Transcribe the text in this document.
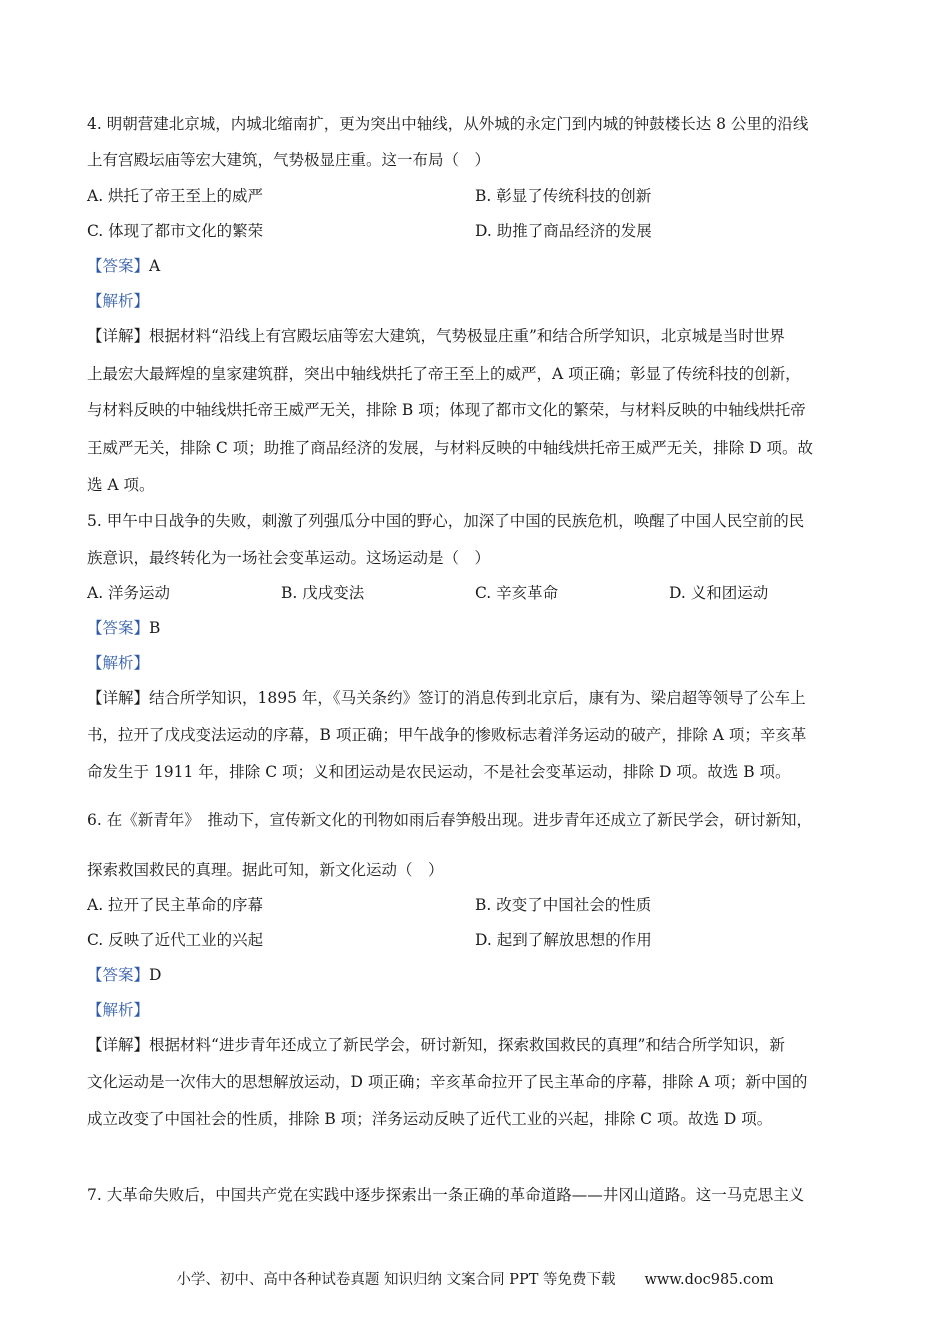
4. 明朝营建北京城，内城北缩南扩，更为突出中轴线，从外城的永定门到内城的钟鼓楼长达 8 公里的沿线
上有宫殿坛庙等宏大建筑，气势极显庄重。这一布局（　）
A. 烘托了帝王至上的威严	B. 彰显了传统科技的创新
C. 体现了都市文化的繁荣	D. 助推了商品经济的发展
【答案】A
【解析】
【详解】根据材料“沿线上有宫殿坛庙等宏大建筑，气势极显庄重”和结合所学知识，北京城是当时世界
上最宏大最辉煌的皇家建筑群，突出中轴线烘托了帝王至上的威严，A 项正确；彰显了传统科技的创新，
与材料反映的中轴线烘托帝王威严无关，排除 B 项；体现了都市文化的繁荣，与材料反映的中轴线烘托帝
王威严无关，排除 C 项；助推了商品经济的发展，与材料反映的中轴线烘托帝王威严无关，排除 D 项。故
选 A 项。
5. 甲午中日战争的失败，刺激了列强瓜分中国的野心，加深了中国的民族危机，唤醒了中国人民空前的民
族意识，最终转化为一场社会变革运动。这场运动是（　）
A. 洋务运动	B. 戊戌变法	C. 辛亥革命	D. 义和团运动
【答案】B
【解析】
【详解】结合所学知识，1895 年，《马关条约》签订的消息传到北京后，康有为、梁启超等领导了公车上
书，拉开了戊戌变法运动的序幕，B 项正确；甲午战争的惨败标志着洋务运动的破产，排除 A 项；辛亥革
命发生于 1911 年，排除 C 项；义和团运动是农民运动，不是社会变革运动，排除 D 项。故选 B 项。
6. 在《新青年》　推动下，宣传新文化的刊物如雨后春笋般出现。进步青年还成立了新民学会，研讨新知，
探索救国救民的真理。据此可知，新文化运动（　）
A. 拉开了民主革命的序幕	B. 改变了中国社会的性质
C. 反映了近代工业的兴起	D. 起到了解放思想的作用
【答案】D
【解析】
【详解】根据材料“进步青年还成立了新民学会，研讨新知，探索救国救民的真理”和结合所学知识，新
文化运动是一次伟大的思想解放运动，D 项正确；辛亥革命拉开了民主革命的序幕，排除 A 项；新中国的
成立改变了中国社会的性质，排除 B 项；洋务运动反映了近代工业的兴起，排除 C 项。故选 D 项。
7. 大革命失败后，中国共产党在实践中逐步探索出一条正确的革命道路——井冈山道路。这一马克思主义
小学、初中、高中各种试卷真题 知识归纳 文案合同 PPT 等免费下载　　www.doc985.com
